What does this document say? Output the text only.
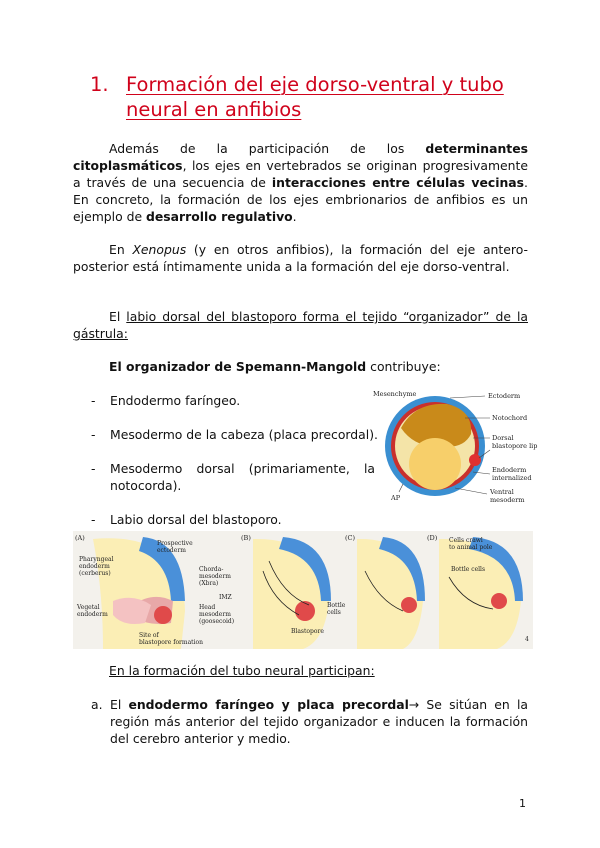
1. Formación del eje dorso-ventral y tubo
neural en anfibios
Además de la participación de los determinantes citoplasmáticos, los ejes en vertebrados se originan progresivamente a través de una secuencia de interacciones entre células vecinas. En concreto, la formación de los ejes embrionarios de anfibios es un ejemplo de desarrollo regulativo.
En Xenopus (y en otros anfibios), la formación del eje antero-posterior está íntimamente unida a la formación del eje dorso-ventral.
El labio dorsal del blastoporo forma el tejido “organizador” de la gástrula:
El organizador de Spemann-Mangold contribuye:
- Endodermo faríngeo.
- Mesodermo de la cabeza (placa precordal).
- Mesodermo dorsal (primariamente, la notocorda).
- Labio dorsal del blastoporo.
Mesenchyme	Ectoderm
Notochord
Dorsal
blastopore lip
Endoderm
internalized
Ventral
mesoderm
AP
(A)
Prospective
ectoderm
Pharyngeal
endoderm
(cerberus)
Chorda-
mesoderm
(Xbra)
IMZ
Head
mesoderm
(goosecoid)
Vegetal
endoderm
Site of
blastopore formation
(B)
Bottle
cells
Blastopore
(C)	(D) Cells crawl
to animal pole
Bottle cells
4
En la formación del tubo neural participan:
a. El endodermo faríngeo y placa precordal→ Se sitúan en la región más anterior del tejido organizador e inducen la formación del cerebro anterior y medio.
1
